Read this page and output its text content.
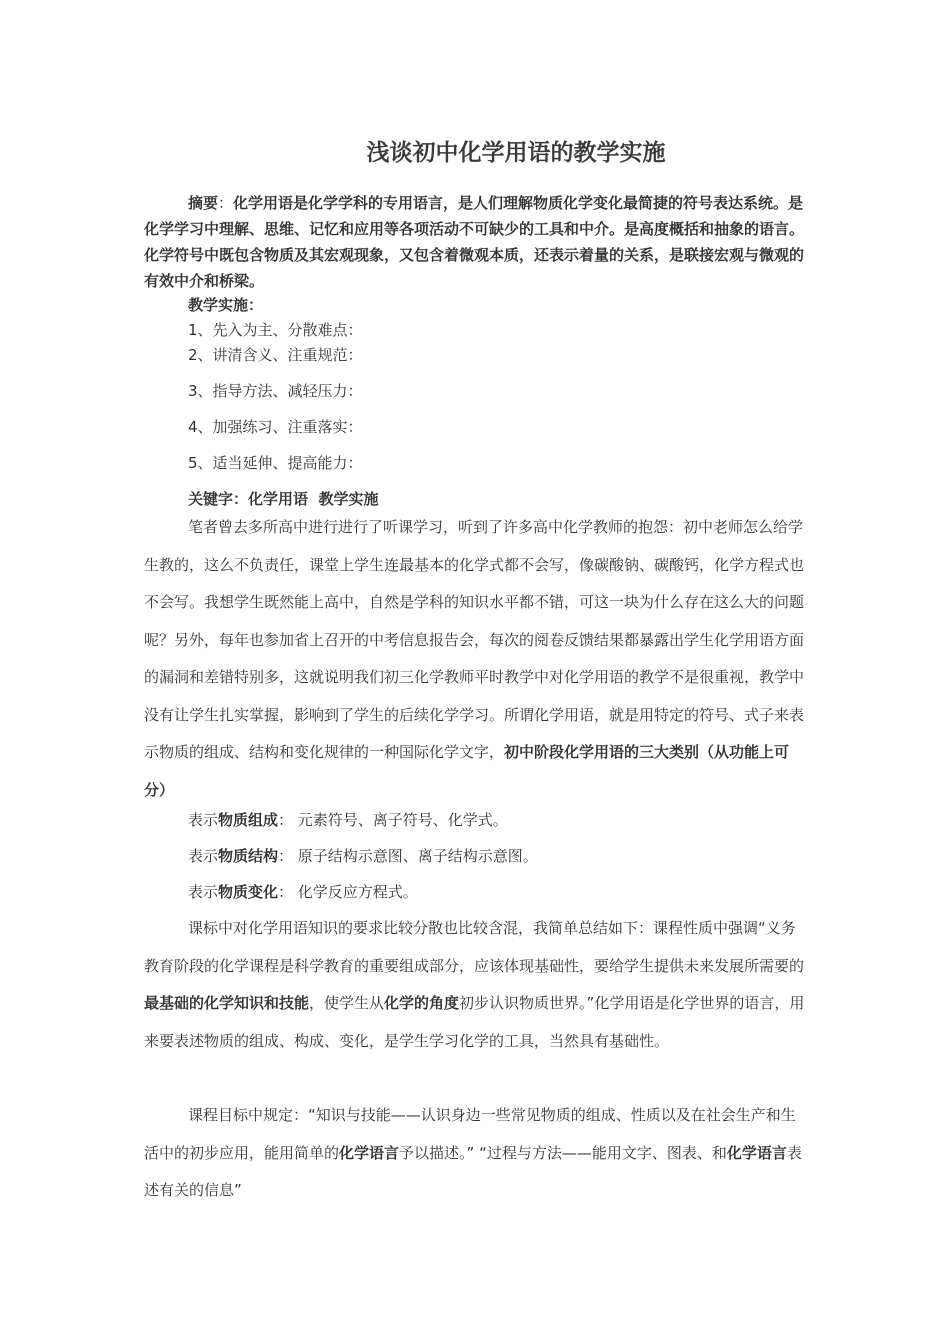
浅谈初中化学用语的教学实施
摘要：化学用语是化学学科的专用语言，是人们理解物质化学变化最简捷的符号表达系统。是化学学习中理解、思维、记忆和应用等各项活动不可缺少的工具和中介。是高度概括和抽象的语言。化学符号中既包含物质及其宏观现象，又包含着微观本质，还表示着量的关系，是联接宏观与微观的有效中介和桥梁。
教学实施：
1、先入为主、分散难点：
2、讲清含义、注重规范：
3、指导方法、减轻压力：
4、加强练习、注重落实：
5、适当延伸、提高能力：
关键字：化学用语  教学实施
笔者曾去多所高中进行进行了听课学习，听到了许多高中化学教师的抱怨：初中老师怎么给学生教的，这么不负责任，课堂上学生连最基本的化学式都不会写，像碳酸钠、碳酸钙，化学方程式也不会写。我想学生既然能上高中，自然是学科的知识水平都不错，可这一块为什么存在这么大的问题呢？另外，每年也参加省上召开的中考信息报告会，每次的阅卷反馈结果都暴露出学生化学用语方面的漏洞和差错特别多，这就说明我们初三化学教师平时教学中对化学用语的教学不是很重视，教学中没有让学生扎实掌握，影响到了学生的后续化学学习。所谓化学用语，就是用特定的符号、式子来表示物质的组成、结构和变化规律的一种国际化学文字，初中阶段化学用语的三大类别（从功能上可分）
表示物质组成： 元素符号、离子符号、化学式。
表示物质结构： 原子结构示意图、离子结构示意图。
表示物质变化： 化学反应方程式。
课标中对化学用语知识的要求比较分散也比较含混，我简单总结如下：课程性质中强调“义务教育阶段的化学课程是科学教育的重要组成部分，应该体现基础性，要给学生提供未来发展所需要的最基础的化学知识和技能，使学生从化学的角度初步认识物质世界。”化学用语是化学世界的语言，用来要表述物质的组成、构成、变化，是学生学习化学的工具，当然具有基础性。
课程目标中规定：“知识与技能——认识身边一些常见物质的组成、性质以及在社会生产和生活中的初步应用，能用简单的化学语言予以描述。” “过程与方法——能用文字、图表、和化学语言表述有关的信息”
